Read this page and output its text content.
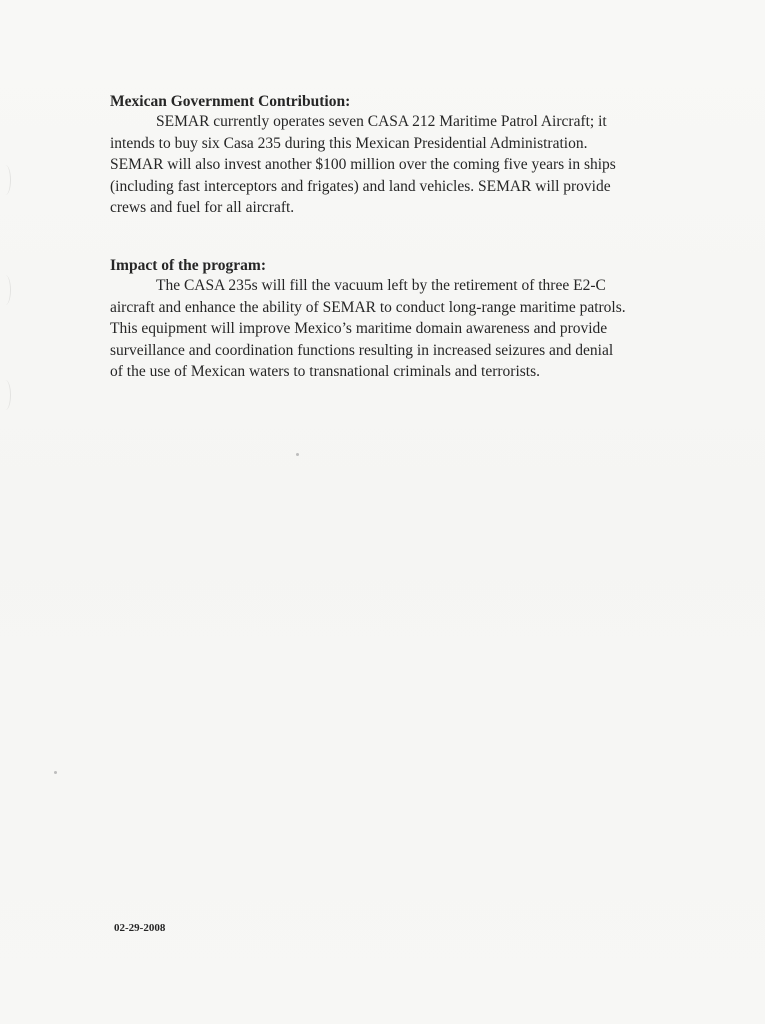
Mexican Government Contribution:

SEMAR currently operates seven CASA 212 Maritime Patrol Aircraft; it

intends to buy six Casa 235 during this Mexican Presidential Administration.

SEMAR will also invest another $100 million over the coming five years in ships

(including fast interceptors and frigates) and land vehicles. SEMAR will provide

crews and fuel for all aircraft.

Impact of the program:

The CASA 235s will fill the vacuum left by the retirement of three E2-C

aircraft and enhance the ability of SEMAR to conduct long-range maritime patrols.

This equipment will improve Mexico’s maritime domain awareness and provide

surveillance and coordination functions resulting in increased seizures and denial

of the use of Mexican waters to transnational criminals and terrorists.

02-29-2008
